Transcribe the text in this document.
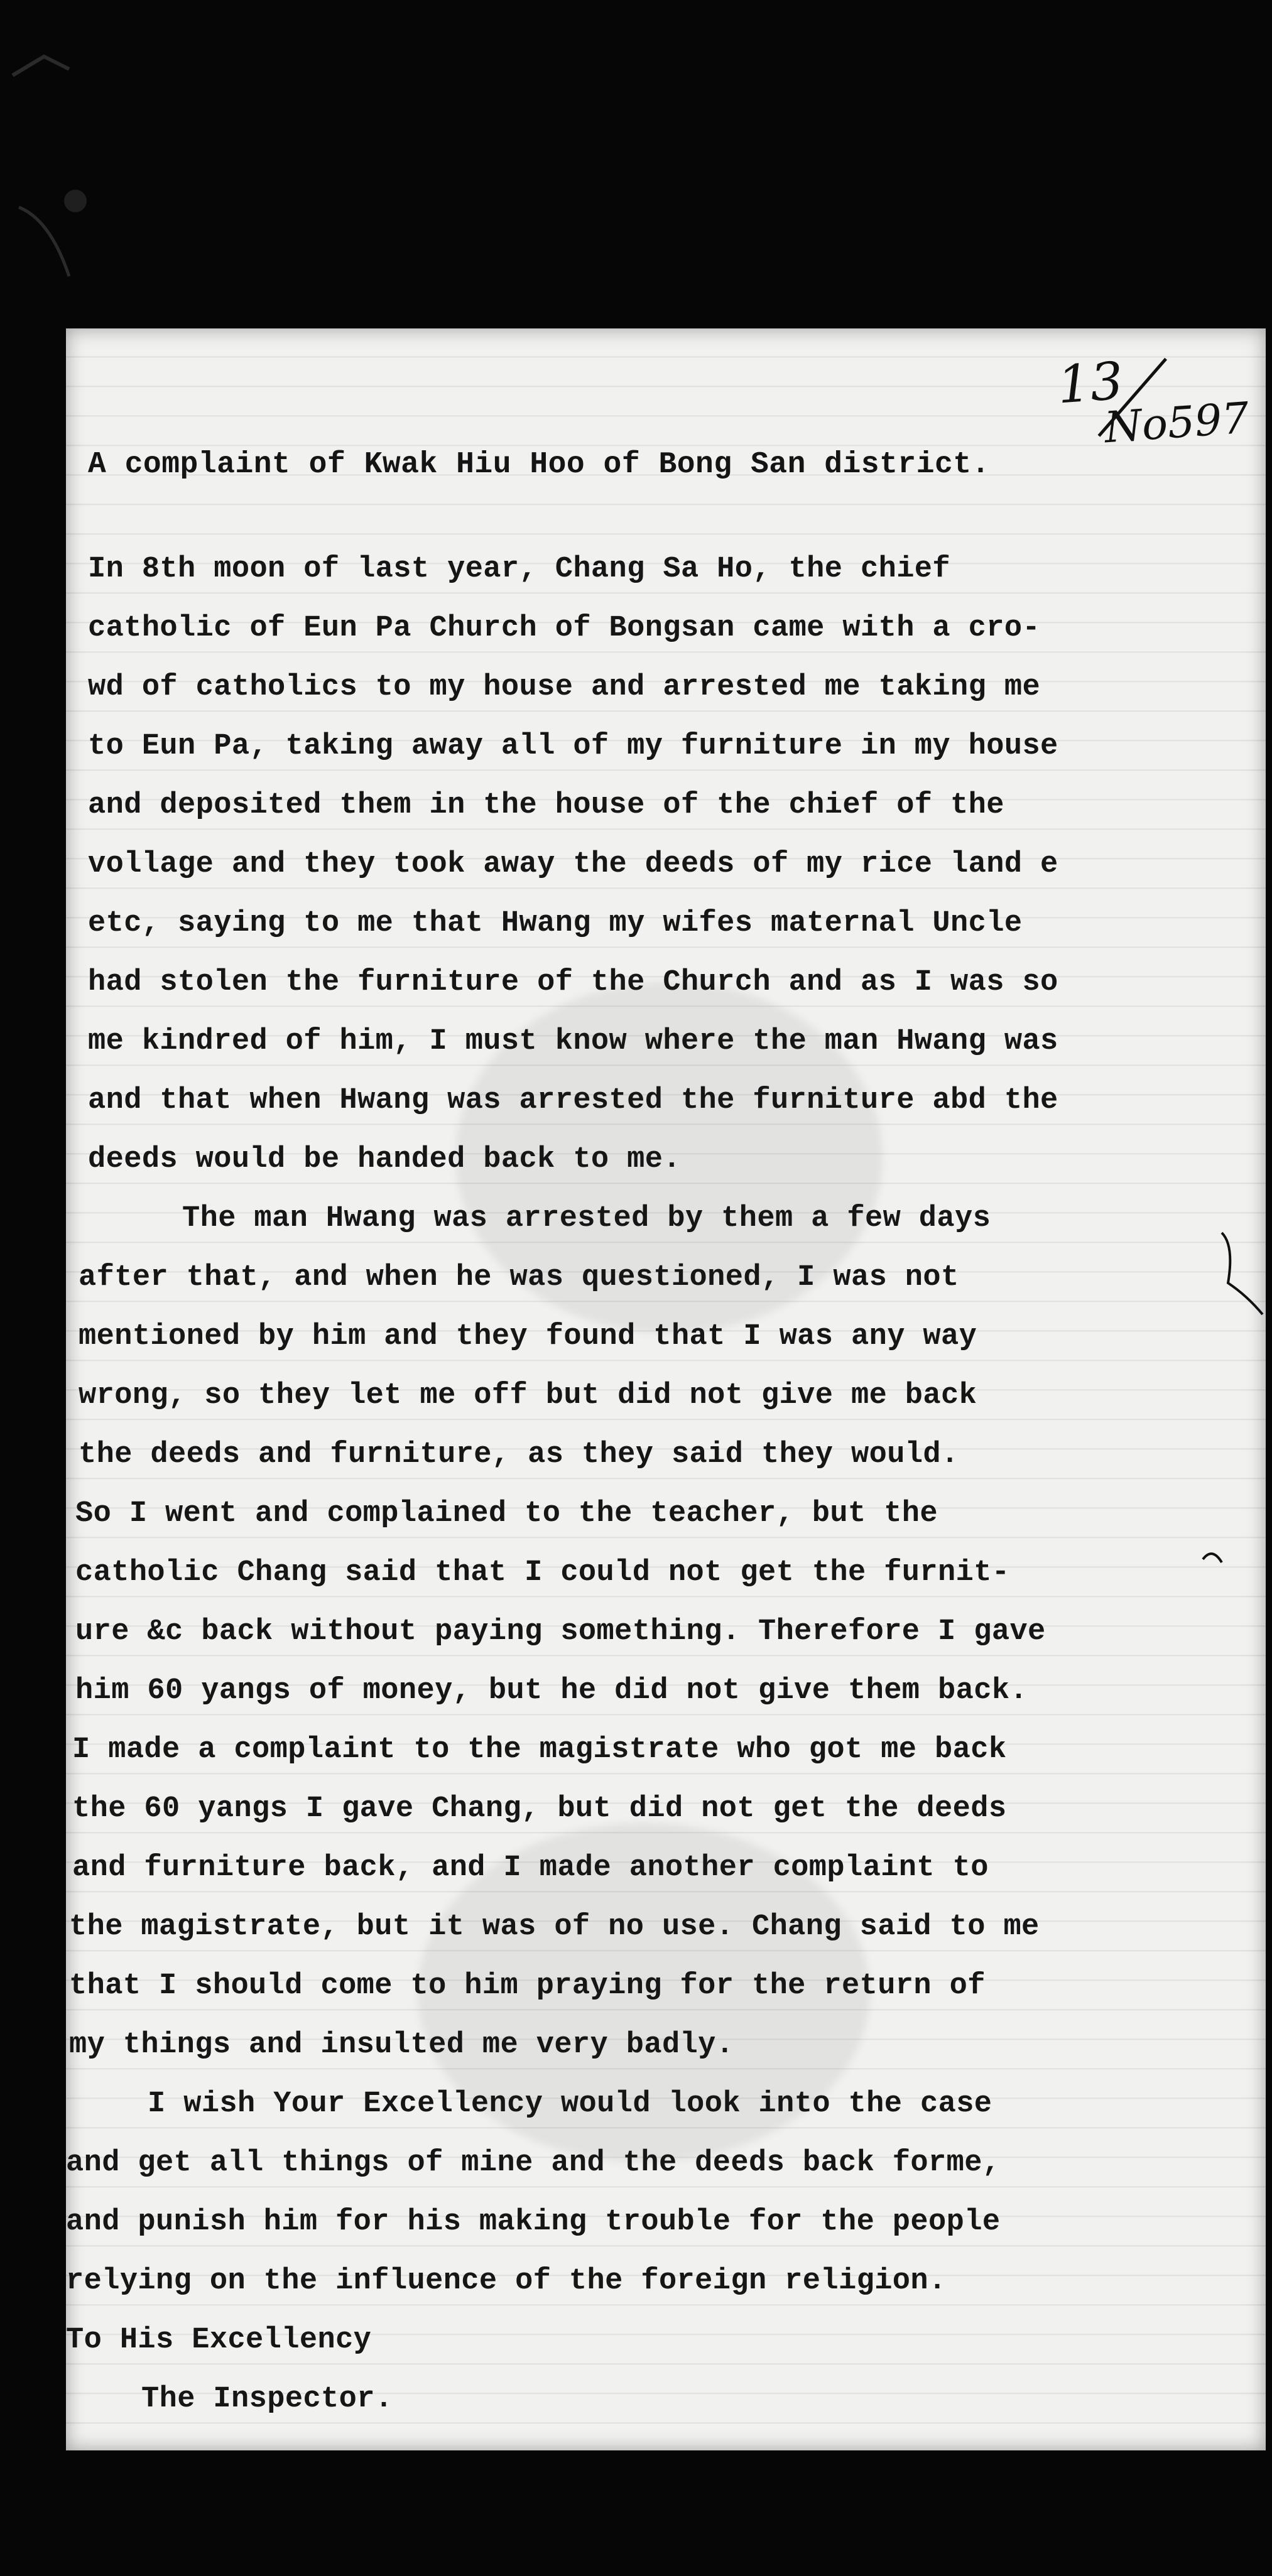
13
No597
A complaint of Kwak Hiu Hoo of Bong San district.
In 8th moon of last year, Chang Sa Ho, the chief
catholic of Eun Pa Church of Bongsan came with a cro-
wd of catholics to my house and arrested me taking me
to Eun Pa, taking away all of my furniture in my house
and deposited them in the house of the chief of the
vollage and they took away the deeds of my rice land e
etc, saying to me that Hwang my wifes maternal Uncle
had stolen the furniture of the Church and as I was so
me kindred of him, I must know where the man Hwang was
and that when Hwang was arrested the furniture abd the
deeds would be handed back to me.
The man Hwang was arrested by them a few days
after that, and when he was questioned, I was not
mentioned by him and they found that I was any way
wrong, so they let me off but did not give me back
the deeds and furniture, as they said they would.
So I went and complained to the teacher, but the
catholic Chang said that I could not get the furnit-
ure &c back without paying something. Therefore I gave
him 60 yangs of money, but he did not give them back.
I made a complaint to the magistrate who got me back
the 60 yangs I gave Chang, but did not get the deeds
and furniture back, and I made another complaint to
the magistrate, but it was of no use. Chang said to me
that I should come to him praying for the return of
my things and insulted me very badly.
I wish Your Excellency would look into the case
and get all things of mine and the deeds back forme,
and punish him for his making trouble for the people
relying on the influence of the foreign religion.
To His Excellency
The Inspector.
